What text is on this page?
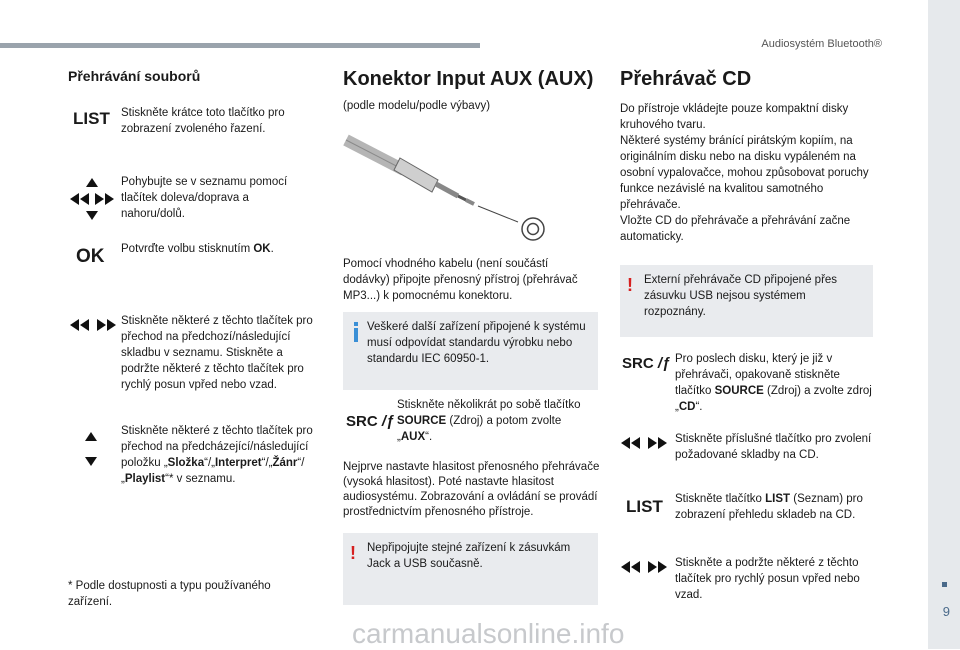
Audiosystém Bluetooth®
9
Přehrávání souborů
LIST Stiskněte krátce toto tlačítko pro zobrazení zvoleného řazení.
Pohybujte se v seznamu pomocí tlačítek doleva/doprava a nahoru/dolů.
OK Potvrďte volbu stisknutím OK.
Stiskněte některé z těchto tlačítek pro přechod na předchozí/následující skladbu v seznamu. Stiskněte a podržte některé z těchto tlačítek pro rychlý posun vpřed nebo vzad.
Stiskněte některé z těchto tlačítek pro přechod na předcházející/následující položku „Složka“/„Interpret“/„Žánr“/„Playlist“* v seznamu.
* Podle dostupnosti a typu používaného zařízení.
Konektor Input AUX (AUX)
(podle modelu/podle výbavy)
Pomocí vhodného kabelu (není součástí dodávky) připojte přenosný přístroj (přehrávač MP3...) k pomocnému konektoru.
Veškeré další zařízení připojené k systému musí odpovídat standardu výrobku nebo standardu IEC 60950-1.
SRC /ƒ
Stiskněte několikrát po sobě tlačítko SOURCE (Zdroj) a potom zvolte „AUX“.
Nejprve nastavte hlasitost přenosného přehrávače (vysoká hlasitost). Poté nastavte hlasitost audiosystému. Zobrazování a ovládání se provádí prostřednictvím přenosného přístroje.
! Nepřipojujte stejné zařízení k zásuvkám Jack a USB současně.
Přehrávač CD
Do přístroje vkládejte pouze kompaktní disky kruhového tvaru.
Některé systémy bránící pirátským kopiím, na originálním disku nebo na disku vypáleném na osobní vypalovačce, mohou způsobovat poruchy funkce nezávislé na kvalitou samotného přehrávače.
Vložte CD do přehrávače a přehrávání začne automaticky.
! Externí přehrávače CD připojené přes zásuvku USB nejsou systémem rozpoznány.
SRC /ƒ Pro poslech disku, který je již v přehrávači, opakovaně stiskněte tlačítko SOURCE (Zdroj) a zvolte zdroj „CD“.
Stiskněte příslušné tlačítko pro zvolení požadované skladby na CD.
LIST Stiskněte tlačítko LIST (Seznam) pro zobrazení přehledu skladeb na CD.
Stiskněte a podržte některé z těchto tlačítek pro rychlý posun vpřed nebo vzad.
carmanualsonline.info
